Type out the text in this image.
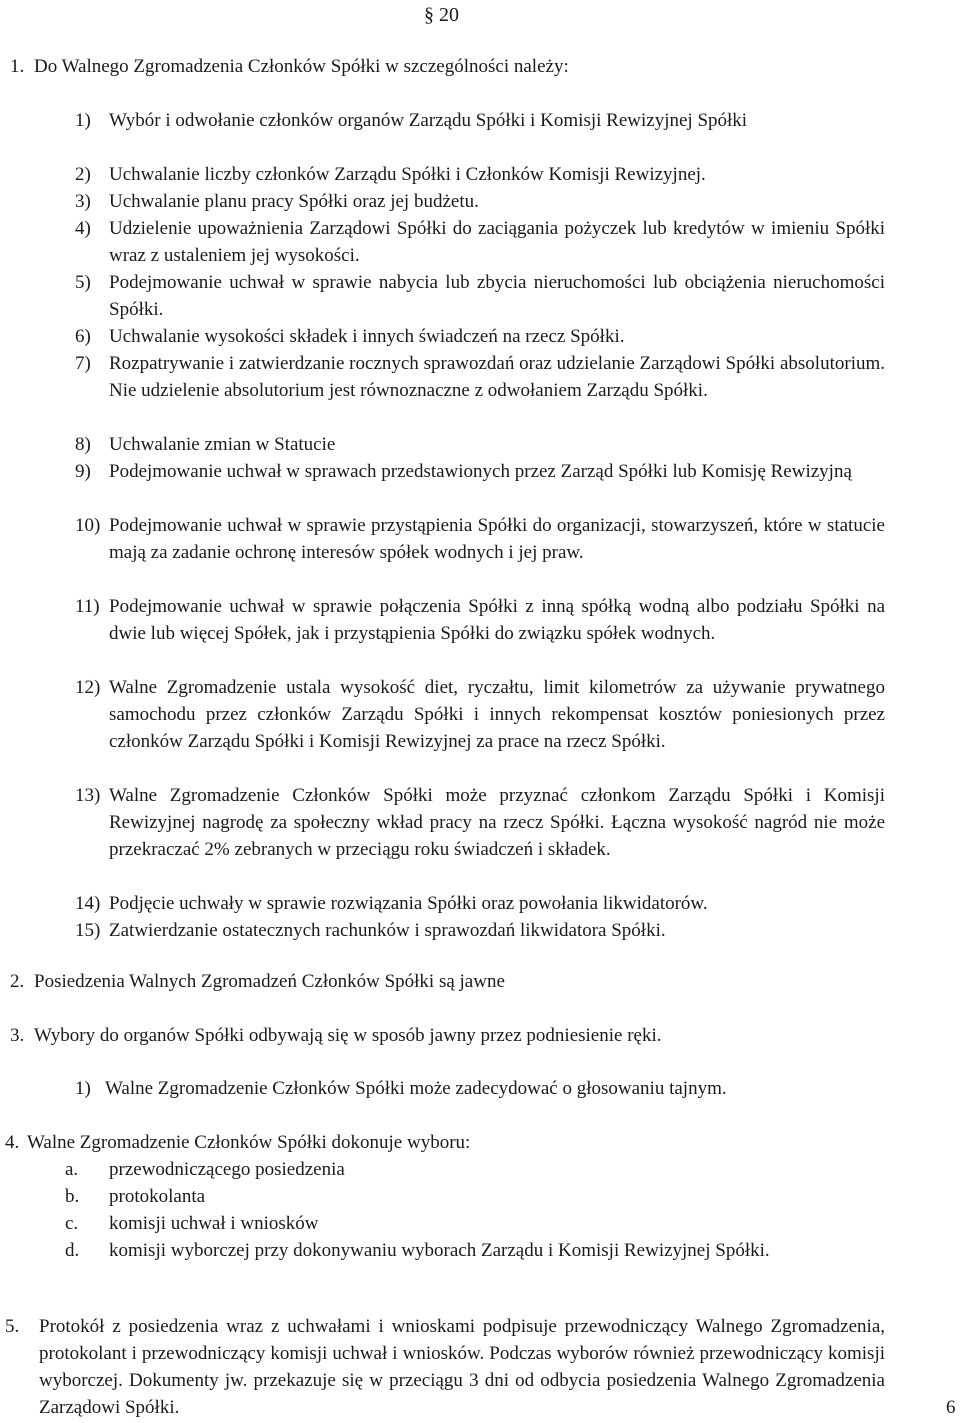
§ 20
1. Do Walnego Zgromadzenia Członków Spółki w szczególności należy:
1) Wybór i odwołanie członków organów Zarządu Spółki i Komisji Rewizyjnej Spółki
2) Uchwalanie liczby członków Zarządu Spółki i Członków Komisji Rewizyjnej.
3) Uchwalanie planu pracy Spółki oraz jej budżetu.
4) Udzielenie upoważnienia Zarządowi Spółki do zaciągania pożyczek lub kredytów w imieniu Spółki wraz z ustaleniem jej wysokości.
5) Podejmowanie uchwał w sprawie nabycia lub zbycia nieruchomości lub obciążenia nieruchomości Spółki.
6) Uchwalanie wysokości składek i innych świadczeń na rzecz Spółki.
7) Rozpatrywanie i zatwierdzanie rocznych sprawozdań oraz udzielanie Zarządowi Spółki absolutorium. Nie udzielenie absolutorium jest równoznaczne z odwołaniem Zarządu Spółki.
8) Uchwalanie zmian w Statucie
9) Podejmowanie uchwał w sprawach przedstawionych przez Zarząd Spółki lub Komisję Rewizyjną
10) Podejmowanie uchwał w sprawie przystąpienia Spółki do organizacji, stowarzyszeń, które w statucie mają za zadanie ochronę interesów spółek wodnych i jej praw.
11) Podejmowanie uchwał w sprawie połączenia Spółki z inną spółką wodną albo podziału Spółki na dwie lub więcej Spółek, jak i przystąpienia Spółki do związku spółek wodnych.
12) Walne Zgromadzenie ustala wysokość diet, ryczałtu, limit kilometrów za używanie prywatnego samochodu przez członków Zarządu Spółki i innych rekompensat kosztów poniesionych przez członków Zarządu Spółki i Komisji Rewizyjnej za prace na rzecz Spółki.
13) Walne Zgromadzenie Członków Spółki może przyznać członkom Zarządu Spółki i Komisji Rewizyjnej nagrodę za społeczny wkład pracy na rzecz Spółki. Łączna wysokość nagród nie może przekraczać 2% zebranych w przeciągu roku świadczeń i składek.
14) Podjęcie uchwały w sprawie rozwiązania Spółki oraz powołania likwidatorów.
15) Zatwierdzanie ostatecznych rachunków i sprawozdań likwidatora Spółki.
2. Posiedzenia Walnych Zgromadzeń Członków Spółki są jawne
3. Wybory do organów Spółki odbywają się w sposób jawny przez podniesienie ręki.
1) Walne Zgromadzenie Członków Spółki może zadecydować o głosowaniu tajnym.
4. Walne Zgromadzenie Członków Spółki dokonuje wyboru:
a.	przewodniczącego posiedzenia
b.	protokolanta
c.	komisji uchwał i wniosków
d.	komisji wyborczej przy dokonywaniu wyborach Zarządu i Komisji Rewizyjnej Spółki.
5.	Protokół z posiedzenia wraz z uchwałami i wnioskami podpisuje przewodniczący Walnego Zgromadzenia, protokolant i przewodniczący komisji uchwał i wniosków. Podczas wyborów również przewodniczący komisji wyborczej. Dokumenty jw. przekazuje się w przeciągu 3 dni od odbycia posiedzenia Walnego Zgromadzenia Zarządowi Spółki.	6
